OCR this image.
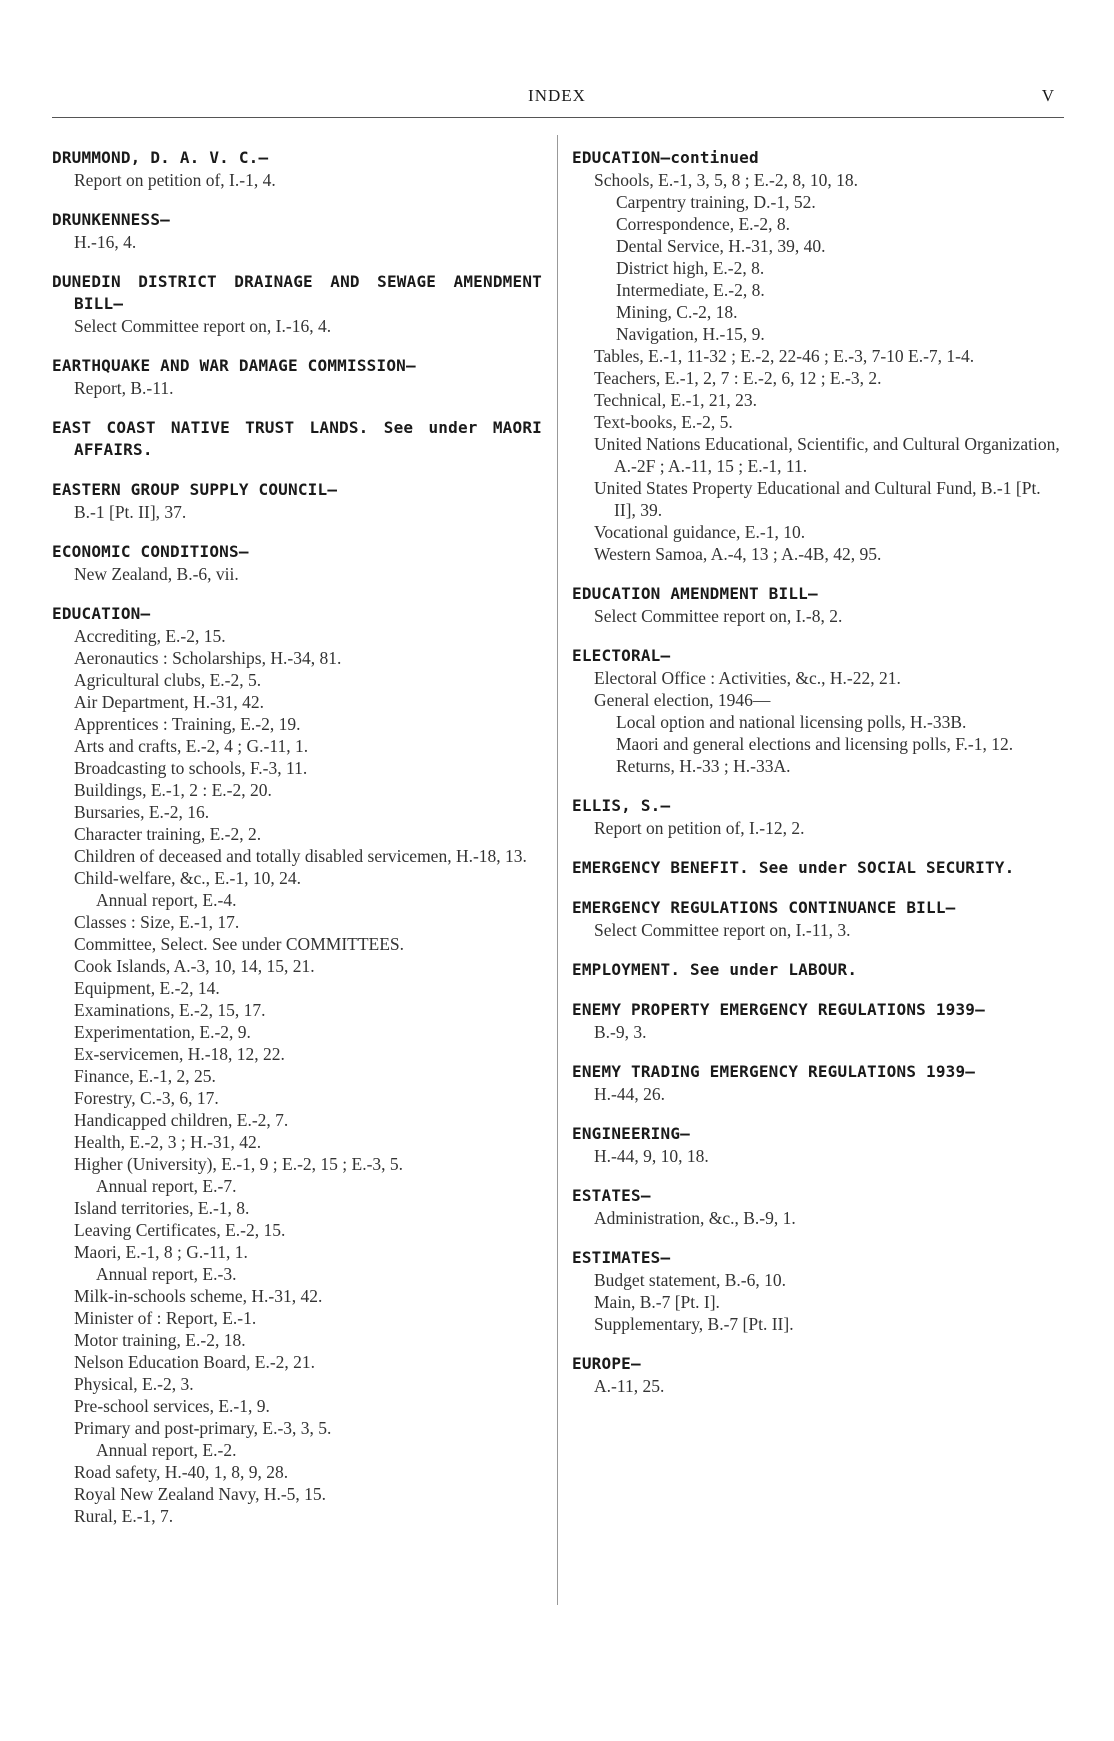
INDEX	V
DRUMMOND, D. A. V. C.—
Report on petition of, I.-1, 4.
DRUNKENNESS—
H.-16, 4.
DUNEDIN DISTRICT DRAINAGE AND SEWAGE AMENDMENT BILL—
Select Committee report on, I.-16, 4.
EARTHQUAKE AND WAR DAMAGE COMMISSION—
Report, B.-11.
EAST COAST NATIVE TRUST LANDS. See under MAORI AFFAIRS.
EASTERN GROUP SUPPLY COUNCIL—
B.-1 [Pt. II], 37.
ECONOMIC CONDITIONS—
New Zealand, B.-6, vii.
EDUCATION—
Accrediting, E.-2, 15.
Aeronautics : Scholarships, H.-34, 81.
Agricultural clubs, E.-2, 5.
Air Department, H.-31, 42.
Apprentices : Training, E.-2, 19.
Arts and crafts, E.-2, 4 ; G.-11, 1.
Broadcasting to schools, F.-3, 11.
Buildings, E.-1, 2 : E.-2, 20.
Bursaries, E.-2, 16.
Character training, E.-2, 2.
Children of deceased and totally disabled servicemen, H.-18, 13.
Child-welfare, &c., E.-1, 10, 24.
Annual report, E.-4.
Classes : Size, E.-1, 17.
Committee, Select. See under COMMITTEES.
Cook Islands, A.-3, 10, 14, 15, 21.
Equipment, E.-2, 14.
Examinations, E.-2, 15, 17.
Experimentation, E.-2, 9.
Ex-servicemen, H.-18, 12, 22.
Finance, E.-1, 2, 25.
Forestry, C.-3, 6, 17.
Handicapped children, E.-2, 7.
Health, E.-2, 3 ; H.-31, 42.
Higher (University), E.-1, 9 ; E.-2, 15 ; E.-3, 5.
Annual report, E.-7.
Island territories, E.-1, 8.
Leaving Certificates, E.-2, 15.
Maori, E.-1, 8 ; G.-11, 1.
Annual report, E.-3.
Milk-in-schools scheme, H.-31, 42.
Minister of : Report, E.-1.
Motor training, E.-2, 18.
Nelson Education Board, E.-2, 21.
Physical, E.-2, 3.
Pre-school services, E.-1, 9.
Primary and post-primary, E.-3, 3, 5.
Annual report, E.-2.
Road safety, H.-40, 1, 8, 9, 28.
Royal New Zealand Navy, H.-5, 15.
Rural, E.-1, 7.
EDUCATION—continued
Schools, E.-1, 3, 5, 8 ; E.-2, 8, 10, 18.
Carpentry training, D.-1, 52.
Correspondence, E.-2, 8.
Dental Service, H.-31, 39, 40.
District high, E.-2, 8.
Intermediate, E.-2, 8.
Mining, C.-2, 18.
Navigation, H.-15, 9.
Tables, E.-1, 11-32 ; E.-2, 22-46 ; E.-3, 7-10 E.-7, 1-4.
Teachers, E.-1, 2, 7 : E.-2, 6, 12 ; E.-3, 2.
Technical, E.-1, 21, 23.
Text-books, E.-2, 5.
United Nations Educational, Scientific, and Cultural Organization, A.-2F ; A.-11, 15 ; E.-1, 11.
United States Property Educational and Cultural Fund, B.-1 [Pt. II], 39.
Vocational guidance, E.-1, 10.
Western Samoa, A.-4, 13 ; A.-4B, 42, 95.
EDUCATION AMENDMENT BILL—
Select Committee report on, I.-8, 2.
ELECTORAL—
Electoral Office : Activities, &c., H.-22, 21.
General election, 1946—
Local option and national licensing polls, H.-33B.
Maori and general elections and licensing polls, F.-1, 12.
Returns, H.-33 ; H.-33A.
ELLIS, S.—
Report on petition of, I.-12, 2.
EMERGENCY BENEFIT. See under SOCIAL SECURITY.
EMERGENCY REGULATIONS CONTINUANCE BILL—
Select Committee report on, I.-11, 3.
EMPLOYMENT. See under LABOUR.
ENEMY PROPERTY EMERGENCY REGULATIONS 1939—
B.-9, 3.
ENEMY TRADING EMERGENCY REGULATIONS 1939—
H.-44, 26.
ENGINEERING—
H.-44, 9, 10, 18.
ESTATES—
Administration, &c., B.-9, 1.
ESTIMATES—
Budget statement, B.-6, 10.
Main, B.-7 [Pt. I].
Supplementary, B.-7 [Pt. II].
EUROPE—
A.-11, 25.
